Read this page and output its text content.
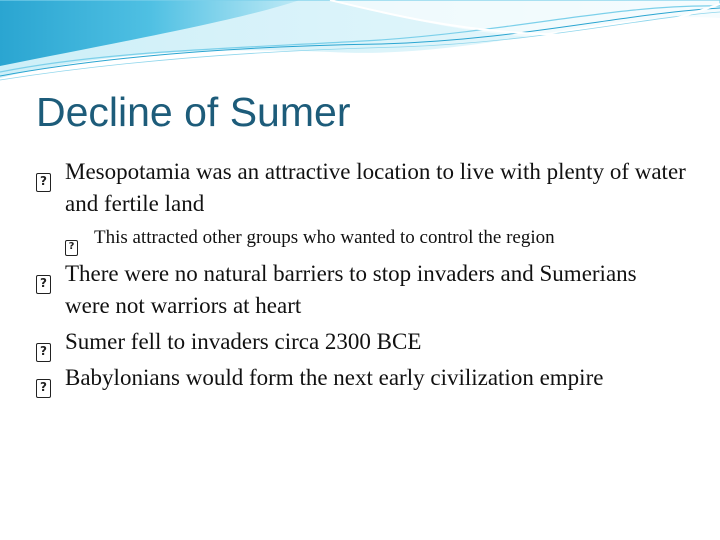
Decline of Sumer
? Mesopotamia was an attractive location to live with plenty of water and fertile land
? This attracted other groups who wanted to control the region
? There were no natural barriers to stop invaders and Sumerians were not warriors at heart
? Sumer fell to invaders circa 2300 BCE
? Babylonians would form the next early civilization empire
